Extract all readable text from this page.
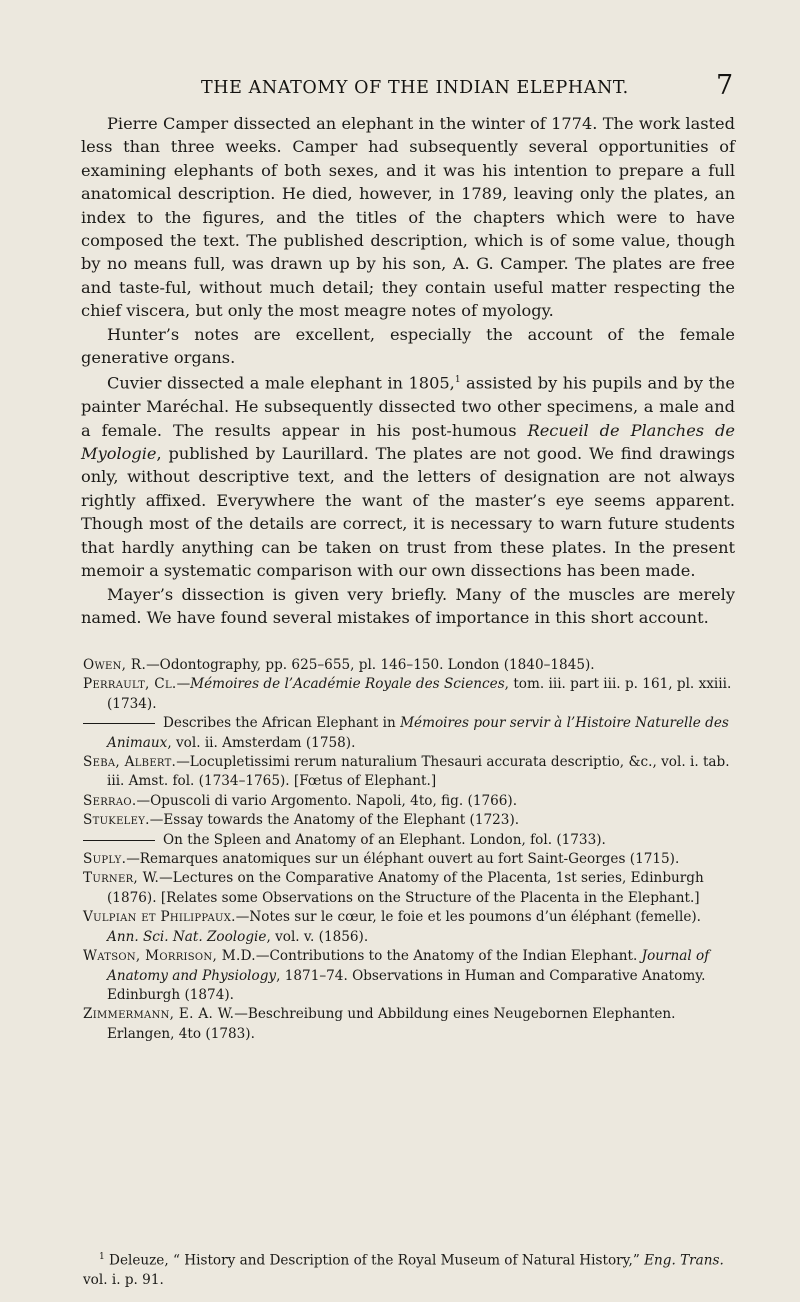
THE ANATOMY OF THE INDIAN ELEPHANT.	7

Pierre Camper dissected an elephant in the winter of 1774. The work lasted less than three weeks. Camper had subsequently several opportunities of examining elephants of both sexes, and it was his intention to prepare a full anatomical description. He died, however, in 1789, leaving only the plates, an index to the figures, and the titles of the chapters which were to have composed the text. The published description, which is of some value, though by no means full, was drawn up by his son, A. G. Camper. The plates are free and taste-ful, without much detail; they contain useful matter respecting the chief viscera, but only the most meagre notes of myology.

Hunter’s notes are excellent, especially the account of the female generative organs.

Cuvier dissected a male elephant in 1805,$^1$ assisted by his pupils and by the painter Maréchal. He subsequently dissected two other specimens, a male and a female. The results appear in his post-humous Recueil de Planches de Myologie, published by Laurillard. The plates are not good. We find drawings only, without descriptive text, and the letters of designation are not always rightly affixed. Everywhere the want of the master’s eye seems apparent. Though most of the details are correct, it is necessary to warn future students that hardly anything can be taken on trust from these plates. In the present memoir a systematic comparison with our own dissections has been made.

Mayer’s dissection is given very briefly. Many of the muscles are merely named. We have found several mistakes of importance in this short account.

Owen, R.—Odontography, pp. 625–655, pl. 146–150. London (1840–1845).

Perrault, Cl.—Mémoires de l’Académie Royale des Sciences, tom. iii. part iii. p. 161, pl. xxiii. (1734).

Describes the African Elephant in Mémoires pour servir à l’Histoire Naturelle des Animaux, vol. ii. Amsterdam (1758).

Seba, Albert.—Locupletissimi rerum naturalium Thesauri accurata descriptio, &c., vol. i. tab. iii. Amst. fol. (1734–1765). [Fœtus of Elephant.]

Serrao.—Opuscoli di vario Argomento. Napoli, 4to, fig. (1766).

Stukeley.—Essay towards the Anatomy of the Elephant (1723).

On the Spleen and Anatomy of an Elephant. London, fol. (1733).

Suply.—Remarques anatomiques sur un éléphant ouvert au fort Saint-Georges (1715).

Turner, W.—Lectures on the Comparative Anatomy of the Placenta, 1st series, Edinburgh (1876). [Relates some Observations on the Structure of the Placenta in the Elephant.]

Vulpian et Philippaux.—Notes sur le cœur, le foie et les poumons d’un éléphant (femelle). Ann. Sci. Nat. Zoologie, vol. v. (1856).

Watson, Morrison, M.D.—Contributions to the Anatomy of the Indian Elephant. Journal of Anatomy and Physiology, 1871–74. Observations in Human and Comparative Anatomy. Edinburgh (1874).

Zimmermann, E. A. W.—Beschreibung und Abbildung eines Neugebornen Elephanten. Erlangen, 4to (1783).

$^1$ Deleuze, “ History and Description of the Royal Museum of Natural History,” Eng. Trans. vol. i. p. 91.
